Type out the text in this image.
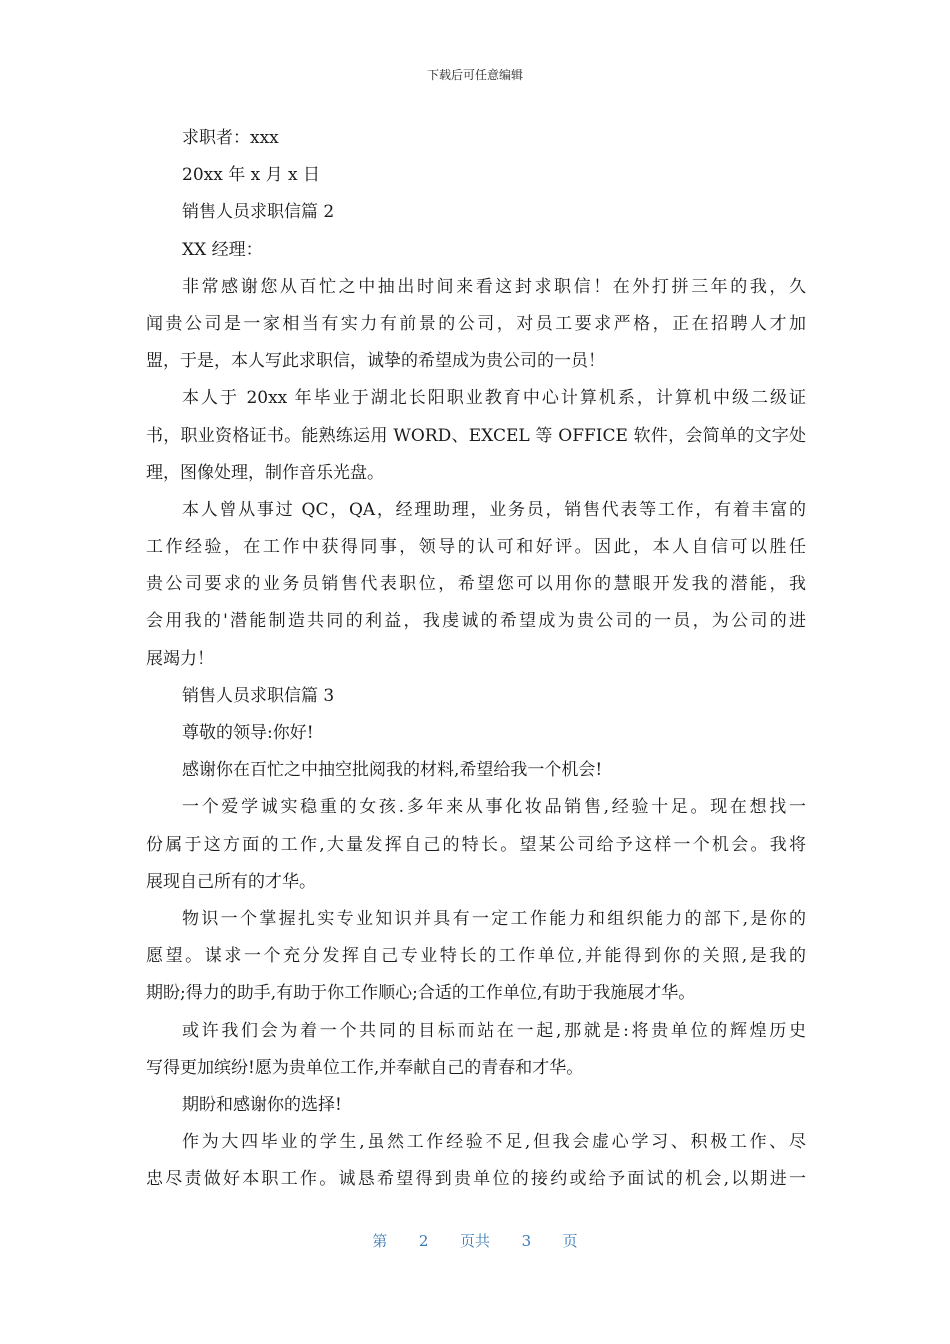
下载后可任意编辑
求职者：xxx
20xx 年 x 月 x 日
销售人员求职信篇 2
XX 经理：
非常感谢您从百忙之中抽出时间来看这封求职信！在外打拼三年的我，久
闻贵公司是一家相当有实力有前景的公司，对员工要求严格，正在招聘人才加
盟，于是，本人写此求职信，诚挚的希望成为贵公司的一员！
本人于 20xx 年毕业于湖北长阳职业教育中心计算机系，计算机中级二级证
书，职业资格证书。能熟练运用 WORD、EXCEL 等 OFFICE 软件，会简单的文字处
理，图像处理，制作音乐光盘。
本人曾从事过 QC，QA，经理助理，业务员，销售代表等工作，有着丰富的
工作经验，在工作中获得同事，领导的认可和好评。因此，本人自信可以胜任
贵公司要求的业务员销售代表职位，希望您可以用你的慧眼开发我的潜能，我
会用我的'潜能制造共同的利益，我虔诚的希望成为贵公司的一员，为公司的进
展竭力！
销售人员求职信篇 3
尊敬的领导:你好!
感谢你在百忙之中抽空批阅我的材料,希望给我一个机会!
一个爱学诚实稳重的女孩.多年来从事化妆品销售,经验十足。现在想找一
份属于这方面的工作,大量发挥自己的特长。望某公司给予这样一个机会。我将
展现自己所有的才华。
物识一个掌握扎实专业知识并具有一定工作能力和组织能力的部下,是你的
愿望。谋求一个充分发挥自己专业特长的工作单位,并能得到你的关照,是我的
期盼;得力的助手,有助于你工作顺心;合适的工作单位,有助于我施展才华。
或许我们会为着一个共同的目标而站在一起,那就是:将贵单位的辉煌历史
写得更加缤纷!愿为贵单位工作,并奉献自己的青春和才华。
期盼和感谢你的选择!
作为大四毕业的学生,虽然工作经验不足,但我会虚心学习、积极工作、尽
忠尽责做好本职工作。诚恳希望得到贵单位的接约或给予面试的机会,以期进一
第 2 页共 3 页
